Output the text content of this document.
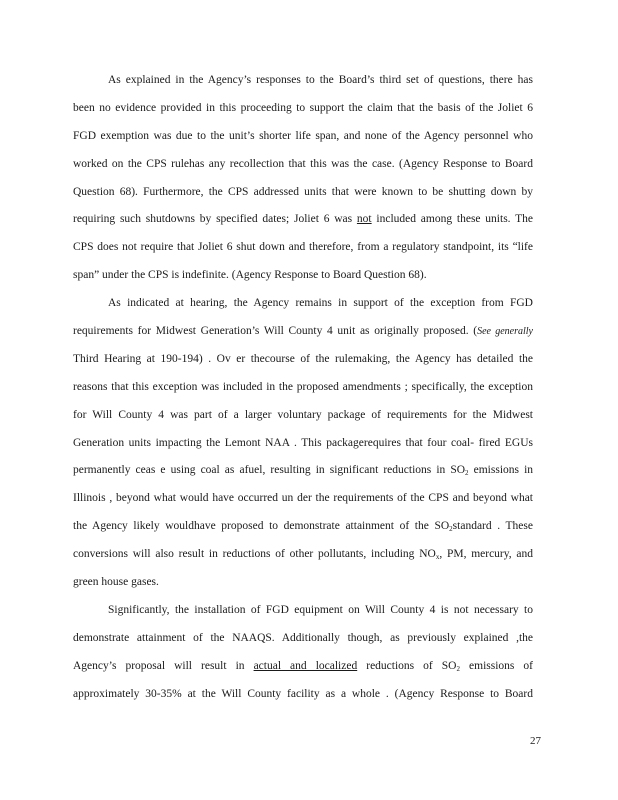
As explained in the Agency’s responses to the Board’s third set of questions, there has
been no evidence provided in this proceeding to support the claim that the basis of the Joliet 6
FGD exemption was due to the unit’s shorter life span, and none of the Agency personnel who
worked on the CPS rulehas any recollection that this was the case. (Agency Response to Board
Question 68). Furthermore, the CPS addressed units that were known to be shutting down by
requiring such shutdowns by specified dates; Joliet 6 was not included among these units. The
CPS does not require that Joliet 6 shut down and therefore, from a regulatory standpoint, its “life
span” under the CPS is indefinite. (Agency Response to Board Question 68).
As indicated at hearing, the Agency remains in support of the exception from FGD
requirements for Midwest Generation’s Will County 4 unit as originally proposed. (See generally
Third Hearing at 190-194) . Ov er thecourse of the rulemaking, the Agency has detailed the
reasons that this exception was included in the proposed amendments ; specifically, the exception
for Will County 4 was part of a larger voluntary package of requirements for the Midwest
Generation units impacting the Lemont NAA . This packagerequires that four coal- fired EGUs
permanently ceas e using coal as afuel, resulting in significant reductions in $SO_2$ emissions in
Illinois , beyond what would have occurred un der the requirements of the CPS and beyond what
the Agency likely wouldhave proposed to demonstrate attainment of the $SO_2standard$ . These
conversions will also result in reductions of other pollutants, including $NO_x$, PM, mercury, and
green house gases.
Significantly, the installation of FGD equipment on Will County 4 is not necessary to
demonstrate attainment of the NAAQS. Additionally though, as previously explained ,the
Agency’s proposal will result in actual and localized reductions of $SO_2$ emissions of
approximately 30-35% at the Will County facility as a whole . (Agency Response to Board
27
